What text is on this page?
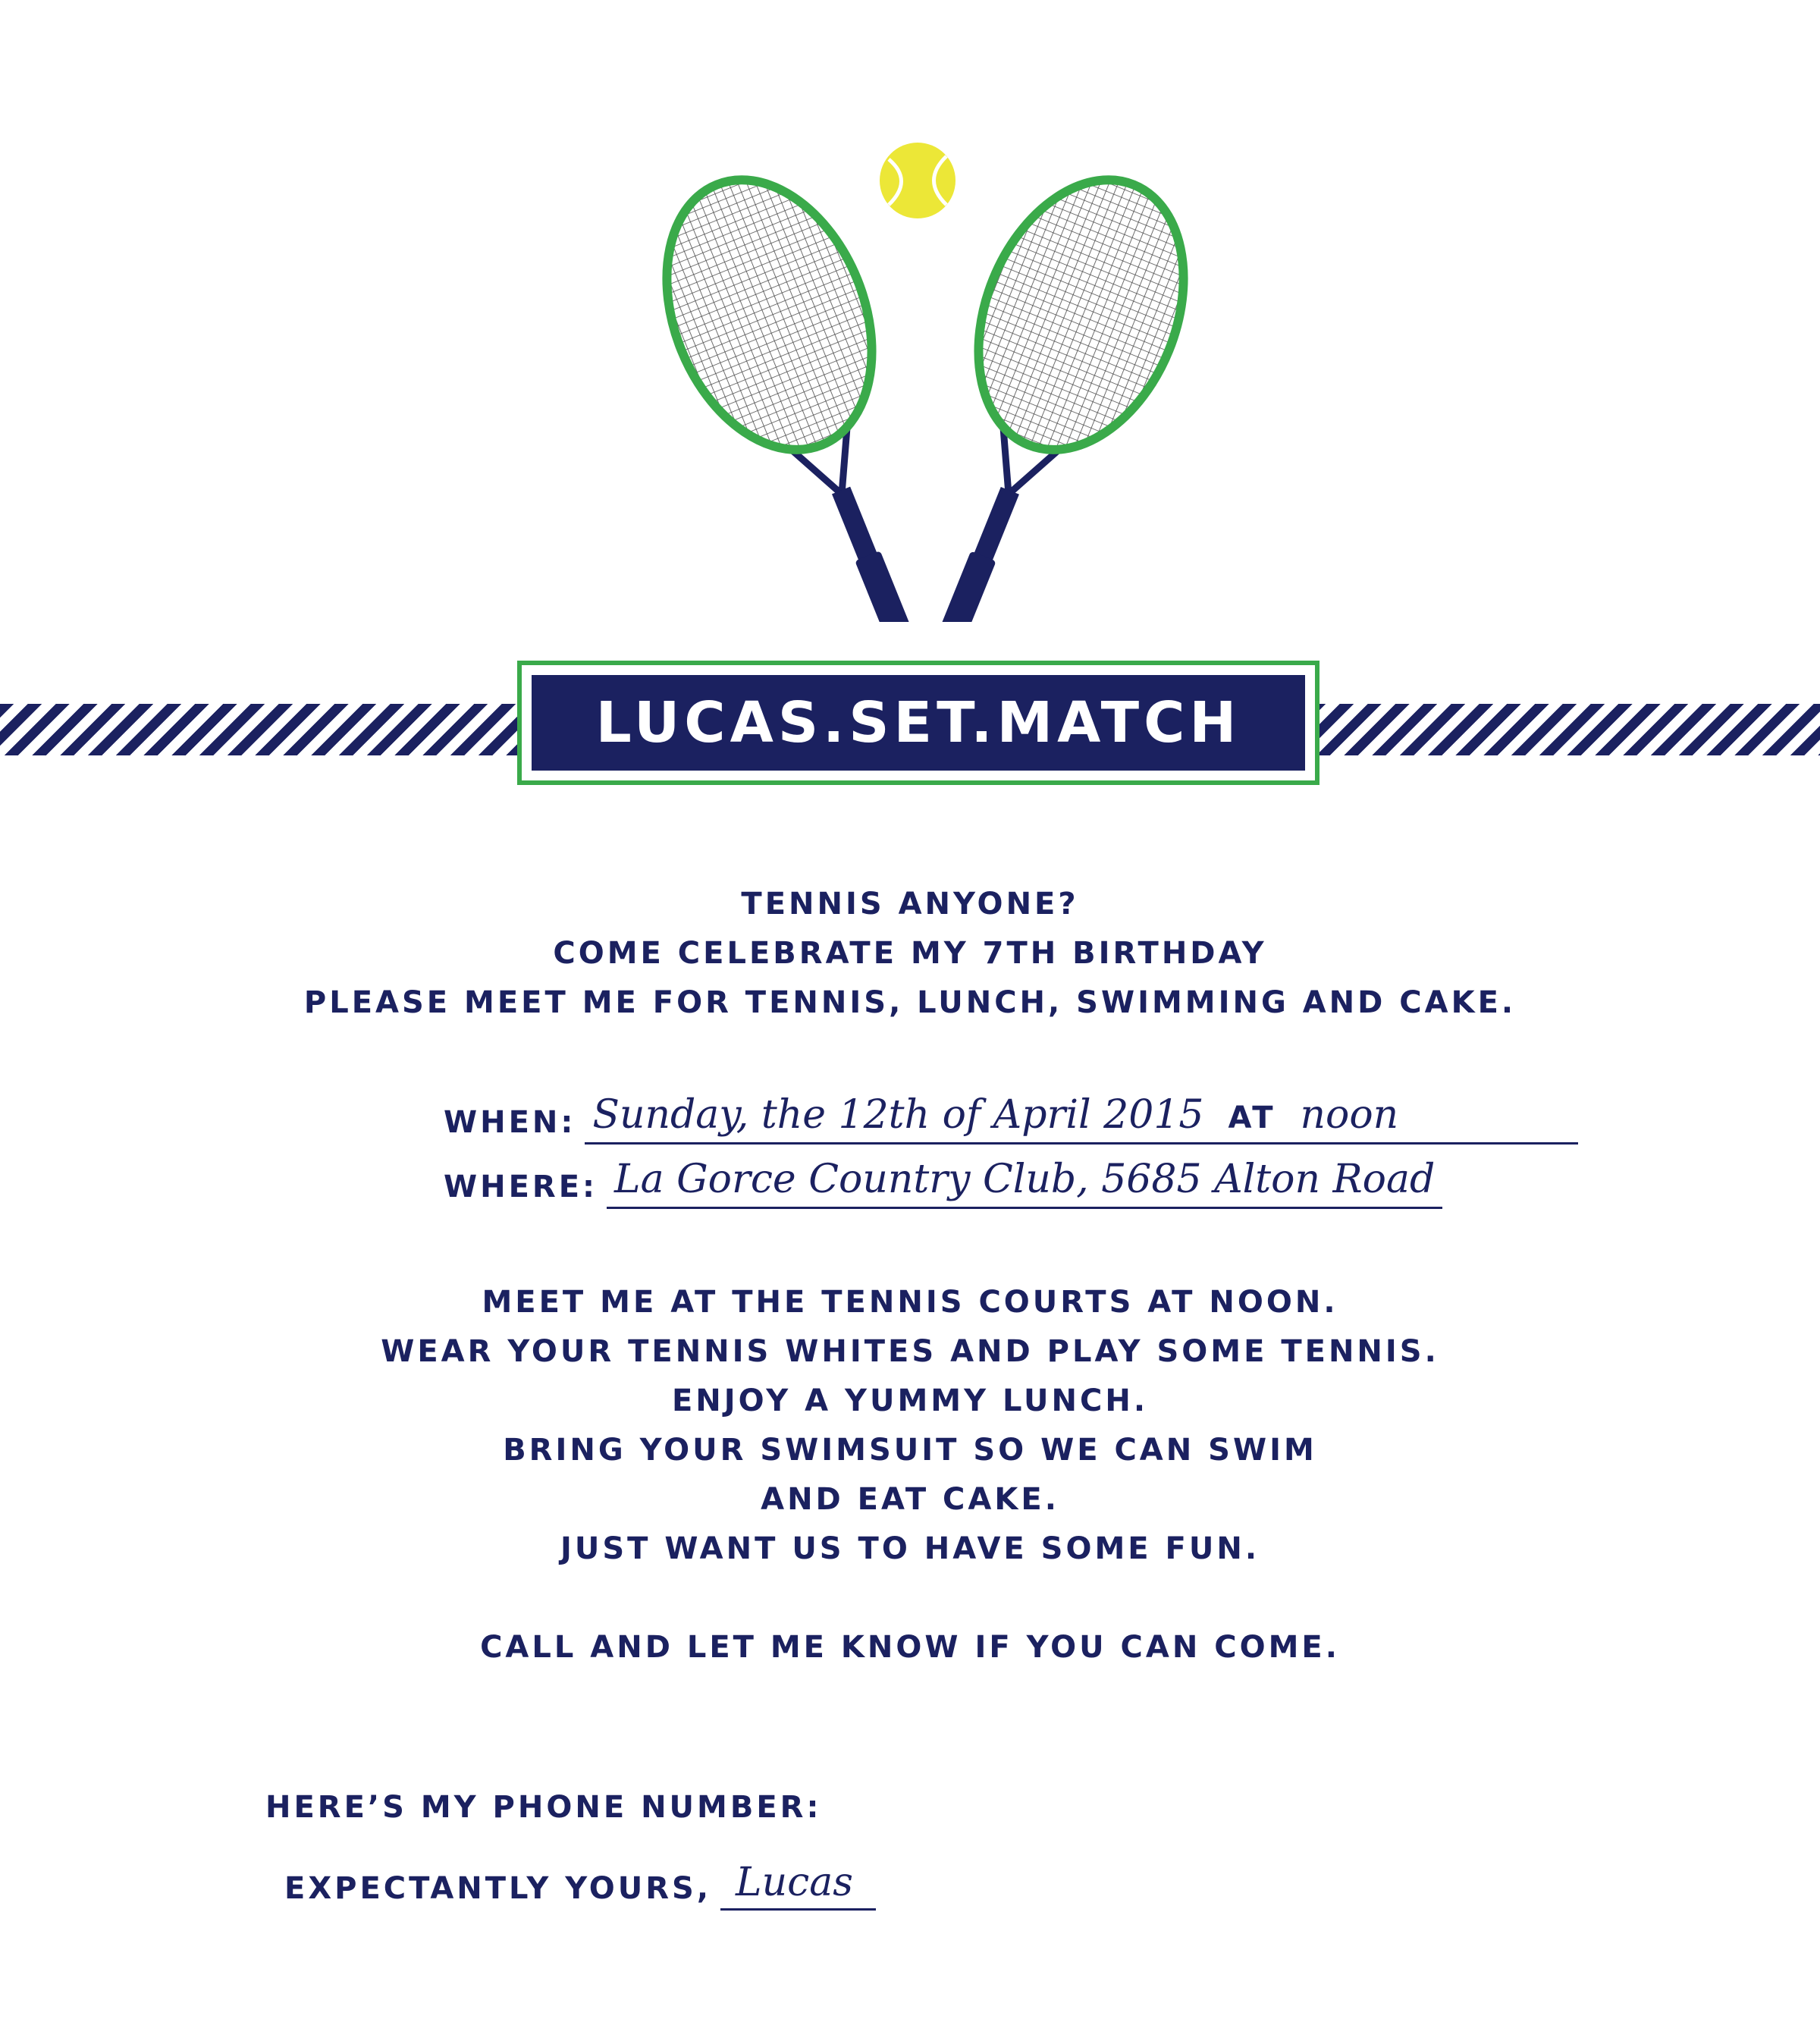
LUCAS.SET.MATCH
TENNIS ANYONE?
COME CELEBRATE MY 7TH BIRTHDAY
PLEASE MEET ME FOR TENNIS, LUNCH, SWIMMING AND CAKE.
WHEN: Sunday, the 12th of April 2015 AT noon
WHERE: La Gorce Country Club, 5685 Alton Road
MEET ME AT THE TENNIS COURTS AT NOON.
WEAR YOUR TENNIS WHITES AND PLAY SOME TENNIS.
ENJOY A YUMMY LUNCH.
BRING YOUR SWIMSUIT SO WE CAN SWIM
AND EAT CAKE.
JUST WANT US TO HAVE SOME FUN.
CALL AND LET ME KNOW IF YOU CAN COME.
HERE’S MY PHONE NUMBER:
EXPECTANTLY YOURS, Lucas
